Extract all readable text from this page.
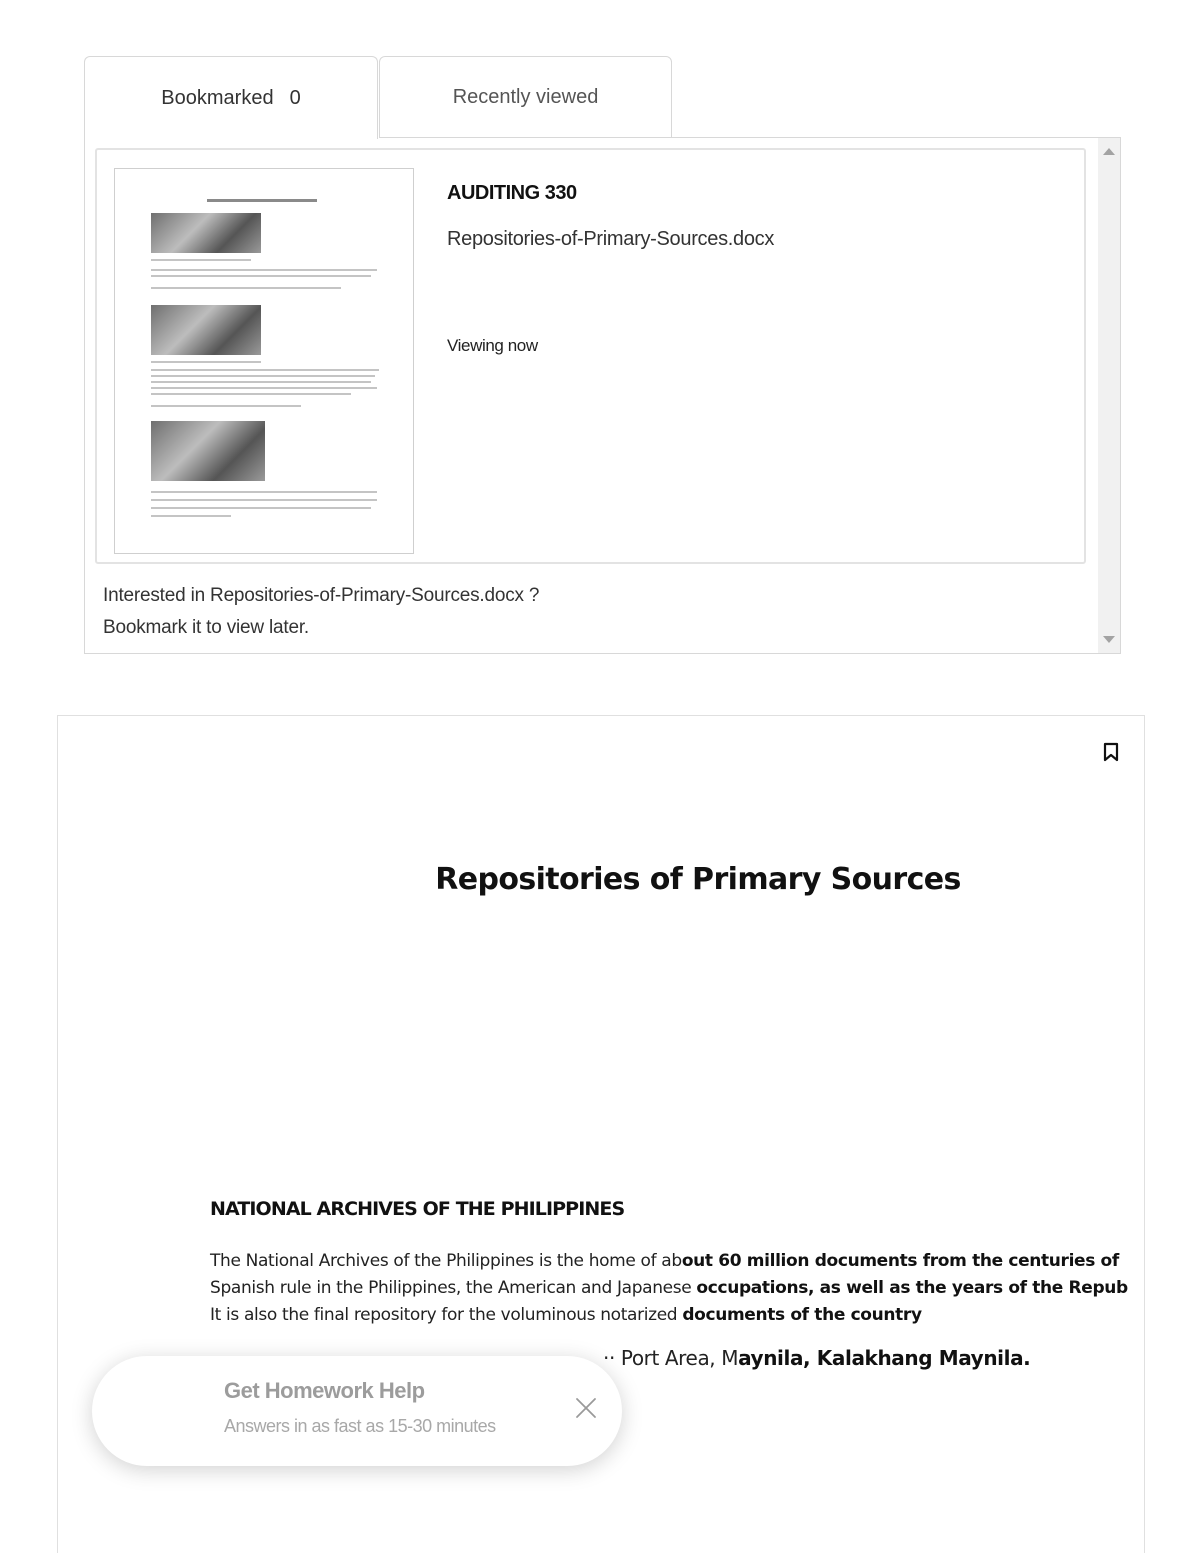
Bookmarked 0	Recently viewed
AUDITING 330
Repositories-of-Primary-Sources.docx
Viewing now
Interested in Repositories-of-Primary-Sources.docx ?
Bookmark it to view later.
Repositories of Primary Sources
NATIONAL ARCHIVES OF THE PHILIPPINES
The National Archives of the Philippines is the home of about 60 million documents from the centuries of
Spanish rule in the Philippines, the American and Japanese occupations, as well as the years of the Repub
It is also the final repository for the voluminous notarized documents of the country
·· Port Area, Maynila, Kalakhang Maynila.
Get Homework Help
Answers in as fast as 15-30 minutes
